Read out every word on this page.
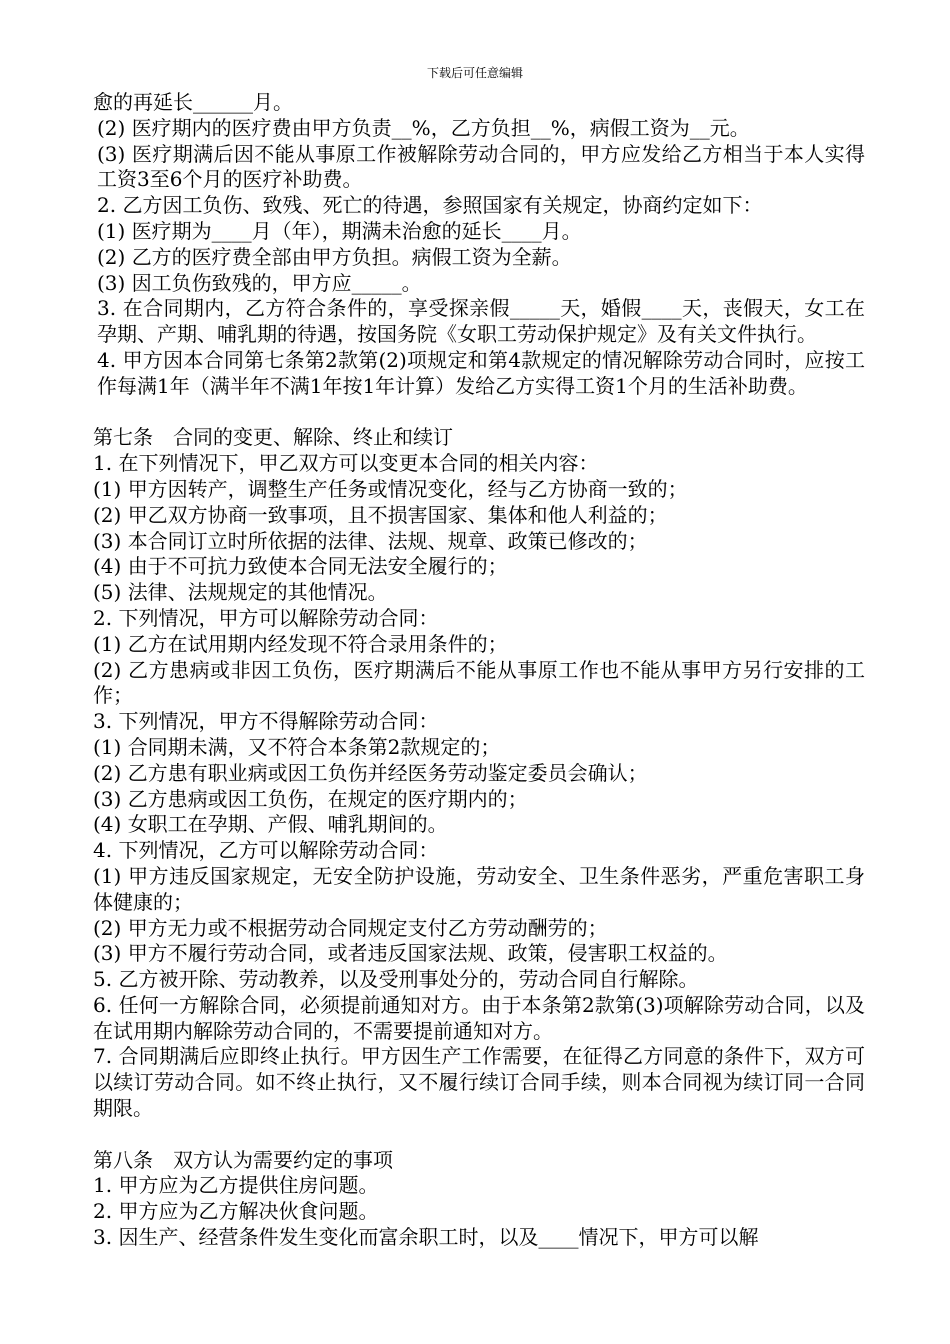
下载后可任意编辑

愈的再延长______月。

(2) 医疗期内的医疗费由甲方负责__%，乙方负担__%，病假工资为__元。

(3) 医疗期满后因不能从事原工作被解除劳动合同的，甲方应发给乙方相当于本人实得工资3至6个月的医疗补助费。

2. 乙方因工负伤、致残、死亡的待遇，参照国家有关规定，协商约定如下：

(1) 医疗期为____月（年），期满未治愈的延长____月。

(2) 乙方的医疗费全部由甲方负担。病假工资为全薪。

(3) 因工负伤致残的，甲方应_____。

3. 在合同期内，乙方符合条件的，享受探亲假_____天，婚假____天，丧假天，女工在孕期、产期、哺乳期的待遇，按国务院《女职工劳动保护规定》及有关文件执行。

4. 甲方因本合同第七条第2款第(2)项规定和第4款规定的情况解除劳动合同时，应按工作每满1年（满半年不满1年按1年计算）发给乙方实得工资1个月的生活补助费。

第七条　合同的变更、解除、终止和续订

1. 在下列情况下，甲乙双方可以变更本合同的相关内容：

(1) 甲方因转产，调整生产任务或情况变化，经与乙方协商一致的；

(2) 甲乙双方协商一致事项，且不损害国家、集体和他人利益的；

(3) 本合同订立时所依据的法律、法规、规章、政策已修改的；

(4) 由于不可抗力致使本合同无法安全履行的；

(5) 法律、法规规定的其他情况。

2. 下列情况，甲方可以解除劳动合同：

(1) 乙方在试用期内经发现不符合录用条件的；

(2) 乙方患病或非因工负伤，医疗期满后不能从事原工作也不能从事甲方另行安排的工作；

3. 下列情况，甲方不得解除劳动合同：

(1) 合同期未满，又不符合本条第2款规定的；

(2) 乙方患有职业病或因工负伤并经医务劳动鉴定委员会确认；

(3) 乙方患病或因工负伤，在规定的医疗期内的；

(4) 女职工在孕期、产假、哺乳期间的。

4. 下列情况，乙方可以解除劳动合同：

(1) 甲方违反国家规定，无安全防护设施，劳动安全、卫生条件恶劣，严重危害职工身体健康的；

(2) 甲方无力或不根据劳动合同规定支付乙方劳动酬劳的；

(3) 甲方不履行劳动合同，或者违反国家法规、政策，侵害职工权益的。

5. 乙方被开除、劳动教养，以及受刑事处分的，劳动合同自行解除。

6. 任何一方解除合同，必须提前通知对方。由于本条第2款第(3)项解除劳动合同，以及在试用期内解除劳动合同的，不需要提前通知对方。

7. 合同期满后应即终止执行。甲方因生产工作需要，在征得乙方同意的条件下，双方可以续订劳动合同。如不终止执行，又不履行续订合同手续，则本合同视为续订同一合同期限。

第八条　双方认为需要约定的事项

1. 甲方应为乙方提供住房问题。

2. 甲方应为乙方解决伙食问题。

3. 因生产、经营条件发生变化而富余职工时，以及____情况下，甲方可以解
